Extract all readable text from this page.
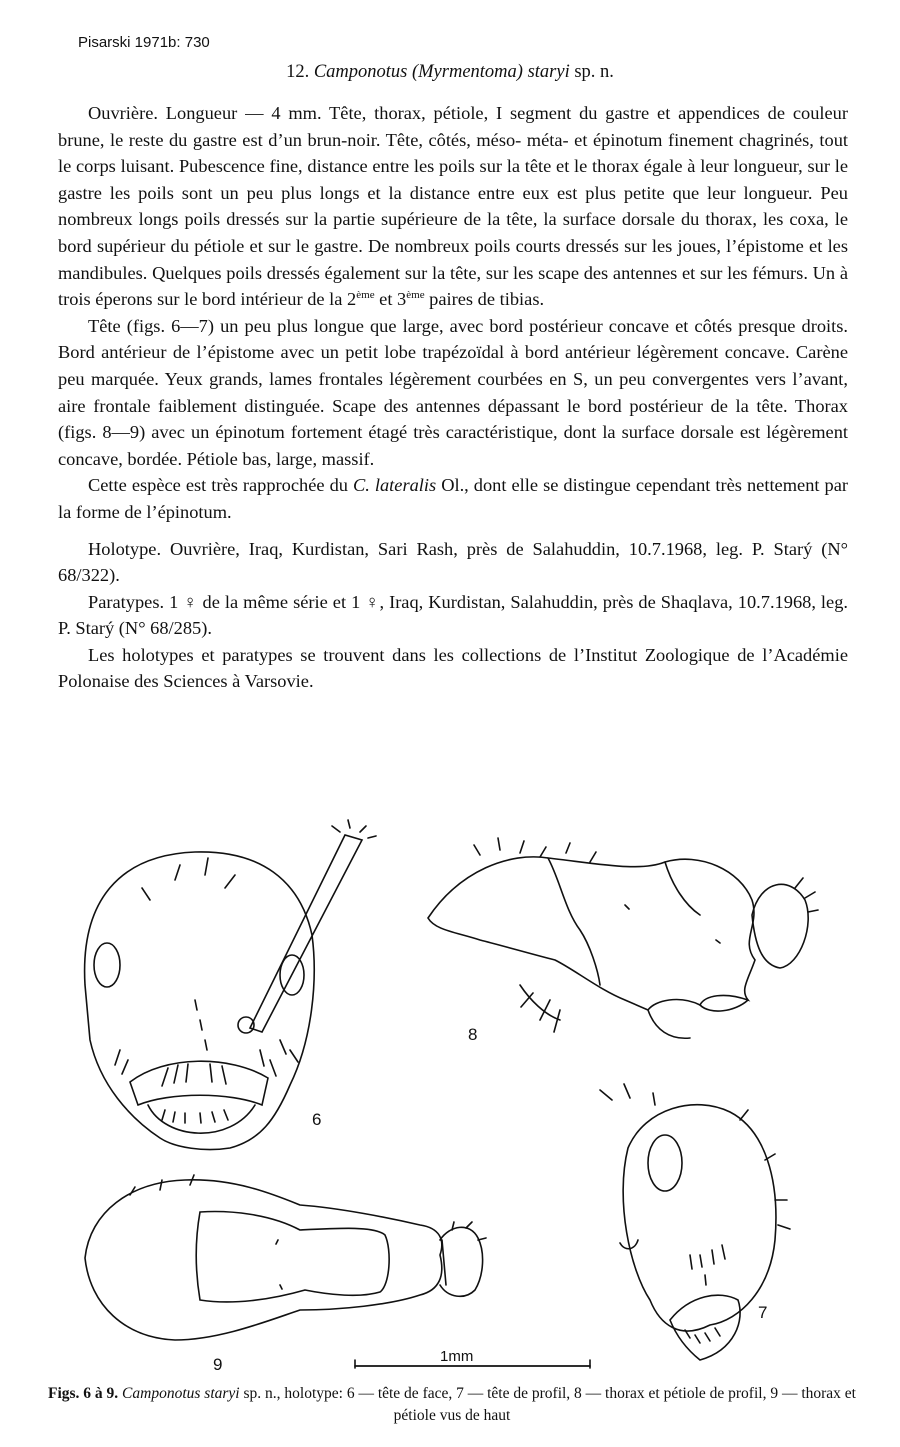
Pisarski 1971b: 730
12. Camponotus (Myrmentoma) staryi sp. n.

Ouvrière. Longueur — 4 mm. Tête, thorax, pétiole, I segment du gastre et appendices de couleur brune, le reste du gastre est d’un brun-noir. Tête, côtés, méso- méta- et épinotum finement chagrinés, tout le corps luisant. Pubescence fine, distance entre les poils sur la tête et le thorax égale à leur longueur, sur le gastre les poils sont un peu plus longs et la distance entre eux est plus petite que leur longueur. Peu nombreux longs poils dressés sur la partie supérieure de la tête, la surface dorsale du thorax, les coxa, le bord supérieur du pétiole et sur le gastre. De nombreux poils courts dressés sur les joues, l’épistome et les mandibules. Quelques poils dressés également sur la tête, sur les scape des antennes et sur les fémurs. Un à trois éperons sur le bord intérieur de la 2ème et 3ème paires de tibias.

Tête (figs. 6—7) un peu plus longue que large, avec bord postérieur concave et côtés presque droits. Bord antérieur de l’épistome avec un petit lobe trapézoïdal à bord antérieur légèrement concave. Carène peu marquée. Yeux grands, lames frontales légèrement courbées en S, un peu convergentes vers l’avant, aire frontale faiblement distinguée. Scape des antennes dépassant le bord postérieur de la tête. Thorax (figs. 8—9) avec un épinotum fortement étagé très caractéristique, dont la surface dorsale est légèrement concave, bordée. Pétiole bas, large, massif.

Cette espèce est très rapprochée du C. lateralis Ol., dont elle se distingue cependant très nettement par la forme de l’épinotum.

Holotype. Ouvrière, Iraq, Kurdistan, Sari Rash, près de Salahuddin, 10.7.1968, leg. P. Starý (N° 68/322).

Paratypes. 1 ♀ de la même série et 1 ♀, Iraq, Kurdistan, Salahuddin, près de Shaqlava, 10.7.1968, leg. P. Starý (N° 68/285).

Les holotypes et paratypes se trouvent dans les collections de l’Institut Zoologique de l’Académie Polonaise des Sciences à Varsovie.

6
8
7
9	1mm
Figs. 6 à 9. Camponotus staryi sp. n., holotype: 6 — tête de face, 7 — tête de profil, 8 — thorax et pétiole de profil, 9 — thorax et pétiole vus de haut
